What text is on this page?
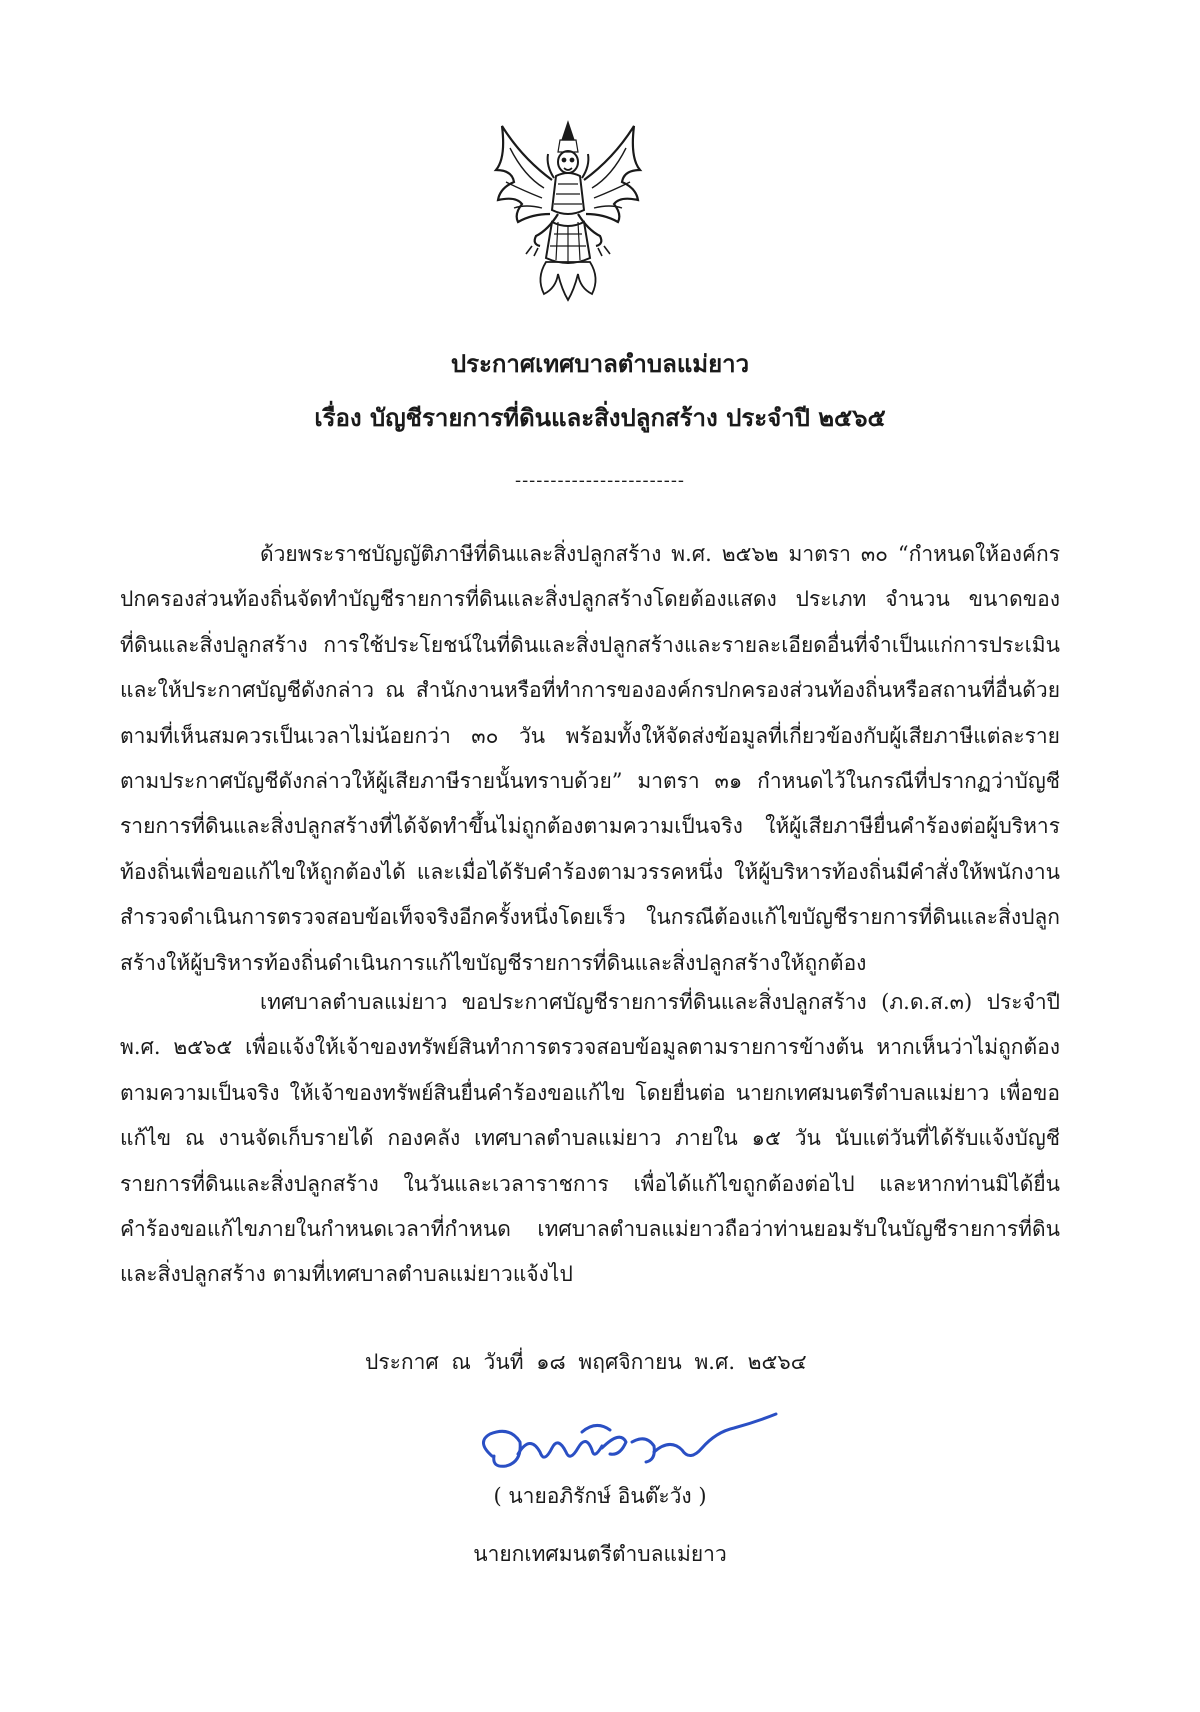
ประกาศเทศบาลตำบลแม่ยาว
เรื่อง บัญชีรายการที่ดินและสิ่งปลูกสร้าง ประจำปี ๒๕๖๕
------------------------
ด้วยพระราชบัญญัติภาษีที่ดินและสิ่งปลูกสร้าง พ.ศ. ๒๕๖๒ มาตรา ๓๐ “กำหนดให้องค์กรปกครองส่วนท้องถิ่นจัดทำบัญชีรายการที่ดินและสิ่งปลูกสร้างโดยต้องแสดง ประเภท จำนวน ขนาดของที่ดินและสิ่งปลูกสร้าง การใช้ประโยชน์ในที่ดินและสิ่งปลูกสร้างและรายละเอียดอื่นที่จำเป็นแก่การประเมินและให้ประกาศบัญชีดังกล่าว ณ สำนักงานหรือที่ทำการขององค์กรปกครองส่วนท้องถิ่นหรือสถานที่อื่นด้วยตามที่เห็นสมควรเป็นเวลาไม่น้อยกว่า ๓๐ วัน พร้อมทั้งให้จัดส่งข้อมูลที่เกี่ยวข้องกับผู้เสียภาษีแต่ละราย ตามประกาศบัญชีดังกล่าวให้ผู้เสียภาษีรายนั้นทราบด้วย” มาตรา ๓๑ กำหนดไว้ในกรณีที่ปรากฏว่าบัญชีรายการที่ดินและสิ่งปลูกสร้างที่ได้จัดทำขึ้นไม่ถูกต้องตามความเป็นจริง ให้ผู้เสียภาษียื่นคำร้องต่อผู้บริหารท้องถิ่นเพื่อขอแก้ไขให้ถูกต้องได้ และเมื่อได้รับคำร้องตามวรรคหนึ่ง ให้ผู้บริหารท้องถิ่นมีคำสั่งให้พนักงานสำรวจดำเนินการตรวจสอบข้อเท็จจริงอีกครั้งหนึ่งโดยเร็ว ในกรณีต้องแก้ไขบัญชีรายการที่ดินและสิ่งปลูกสร้างให้ผู้บริหารท้องถิ่นดำเนินการแก้ไขบัญชีรายการที่ดินและสิ่งปลูกสร้างให้ถูกต้อง
เทศบาลตำบลแม่ยาว ขอประกาศบัญชีรายการที่ดินและสิ่งปลูกสร้าง (ภ.ด.ส.๓) ประจำปี พ.ศ. ๒๕๖๕ เพื่อแจ้งให้เจ้าของทรัพย์สินทำการตรวจสอบข้อมูลตามรายการข้างต้น หากเห็นว่าไม่ถูกต้องตามความเป็นจริง ให้เจ้าของทรัพย์สินยื่นคำร้องขอแก้ไข โดยยื่นต่อ นายกเทศมนตรีตำบลแม่ยาว เพื่อขอแก้ไข ณ งานจัดเก็บรายได้ กองคลัง เทศบาลตำบลแม่ยาว ภายใน ๑๕ วัน นับแต่วันที่ได้รับแจ้งบัญชีรายการที่ดินและสิ่งปลูกสร้าง ในวันและเวลาราชการ เพื่อได้แก้ไขถูกต้องต่อไป และหากท่านมิได้ยื่นคำร้องขอแก้ไขภายในกำหนดเวลาที่กำหนด เทศบาลตำบลแม่ยาวถือว่าท่านยอมรับในบัญชีรายการที่ดินและสิ่งปลูกสร้าง ตามที่เทศบาลตำบลแม่ยาวแจ้งไป
ประกาศ ณ วันที่ ๑๘ พฤศจิกายน พ.ศ. ๒๕๖๔
( นายอภิรักษ์ อินต๊ะวัง )
นายกเทศมนตรีตำบลแม่ยาว
